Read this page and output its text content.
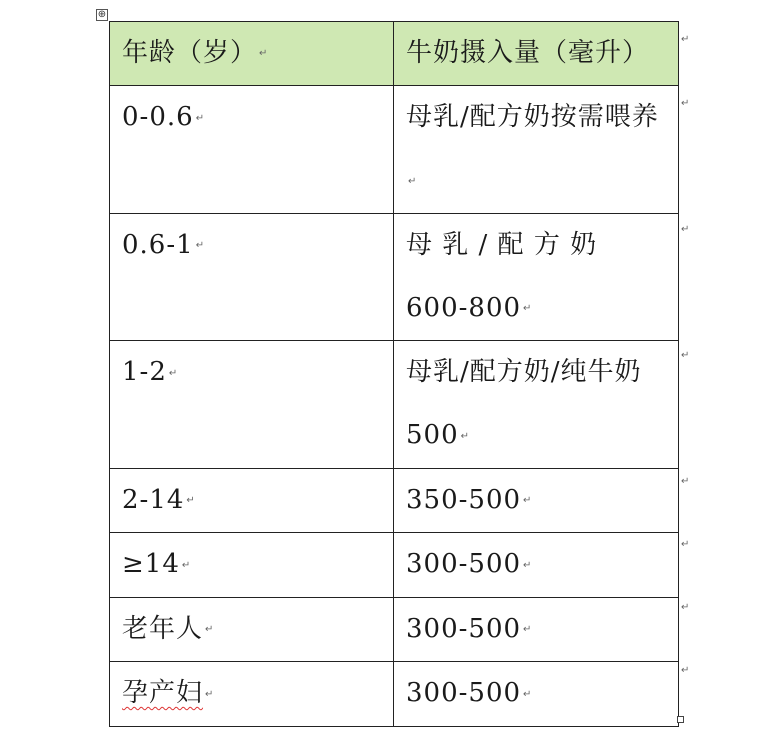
⊕
年龄（岁） ↵	牛奶摄入量（毫升）
0-0.6 ↵	母乳/配方奶按需喂养↵
0.6-1 ↵	母 乳 / 配 方 奶 600-800 ↵
1-2 ↵	母乳/配方奶/纯牛奶 500 ↵
2-14 ↵	350-500 ↵
≥14 ↵	300-500 ↵
老年人 ↵	300-500 ↵
孕产妇 ↵	300-500 ↵
↵
↵
↵
↵
↵
↵
↵
↵
